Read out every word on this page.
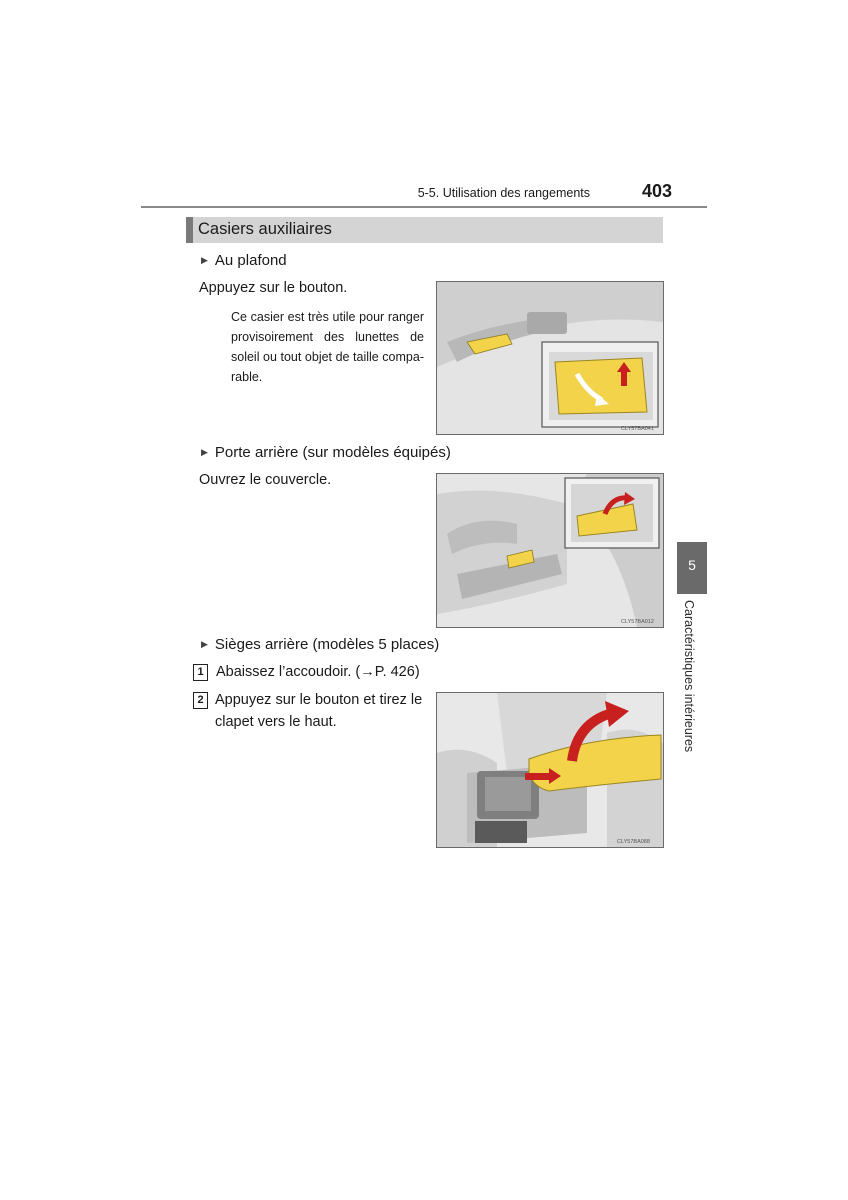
5-5. Utilisation des rangements	403
Casiers auxiliaires
▶ Au plafond
Appuyez sur le bouton.
Ce casier est très utile pour ranger provisoirement des lunettes de soleil ou tout objet de taille compa-rable.
CLY57BA041
▶ Porte arrière (sur modèles équipés)
Ouvrez le couvercle.
CLY57BA012
▶ Sièges arrière (modèles 5 places)
1 Abaissez l’accoudoir. (→P. 426)
2 Appuyez sur le bouton et tirez le clapet vers le haut.
CLY57BA088
5
Caractéristiques intérieures
